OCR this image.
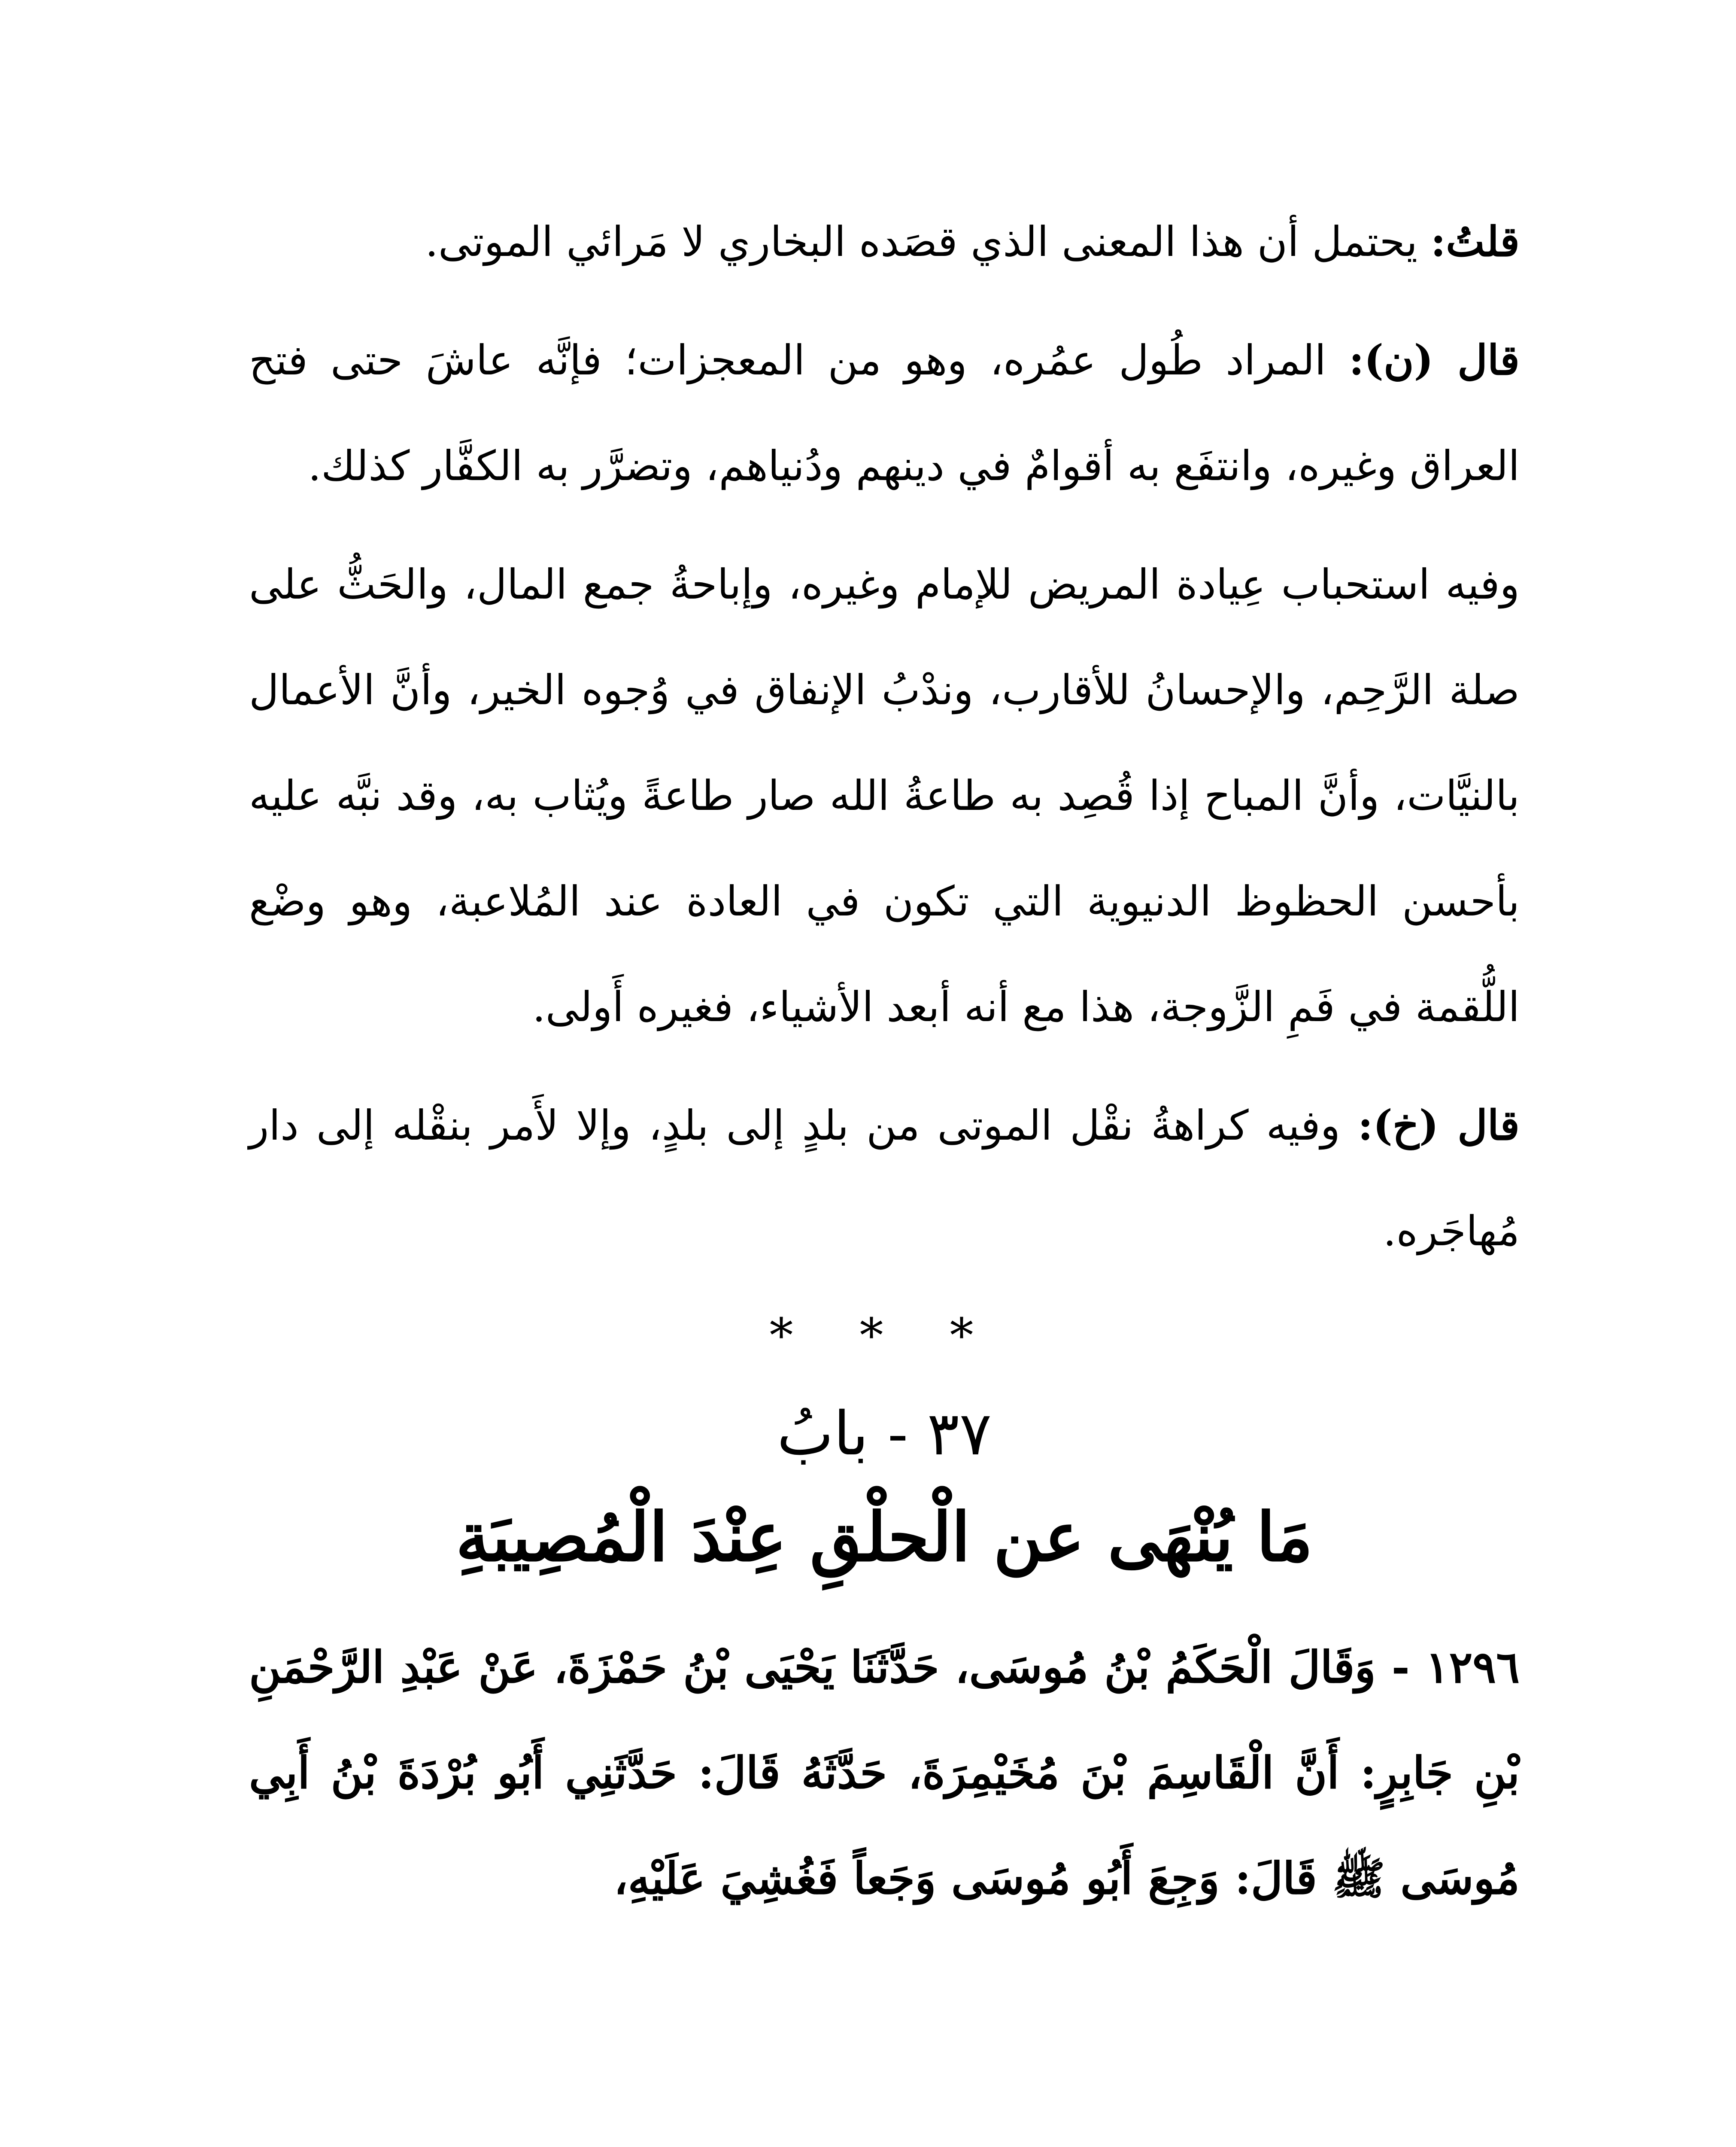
قلتُ: يحتمل أن هذا المعنى الذي قصَده البخاري لا مَرائي الموتى.

قال (ن): المراد طُول عمُره، وهو من المعجزات؛ فإنَّه عاشَ حتى فتح العراق وغيره، وانتفَع به أقوامٌ في دينهم ودُنياهم، وتضرَّر به الكفَّار كذلك.

وفيه استحباب عِيادة المريض للإمام وغيره، وإباحةُ جمع المال، والحَثُّ على صلة الرَّحِم، والإحسانُ للأقارب، وندْبُ الإنفاق في وُجوه الخير، وأنَّ الأعمال بالنيَّات، وأنَّ المباح إذا قُصِد به طاعةُ الله صار طاعةً ويُثاب به، وقد نبَّه عليه بأحسن الحظوظ الدنيوية التي تكون في العادة عند المُلاعبة، وهو وضْع اللُّقمة في فَمِ الزَّوجة، هذا مع أنه أبعد الأشياء، فغيره أَولى.

قال (خ): وفيه كراهةُ نقْل الموتى من بلدٍ إلى بلدٍ، وإلا لأَمر بنقْله إلى دار مُهاجَره.

* * *
٣٧ - بابُ
مَا يُنْهَى عن الْحلْقِ عِنْدَ الْمُصِيبَةِ

١٢٩٦ - وَقَالَ الْحَكَمُ بْنُ مُوسَى، حَدَّثَنَا يَحْيَى بْنُ حَمْزَةَ، عَنْ عَبْدِ الرَّحْمَنِ بْنِ جَابِرٍ: أَنَّ الْقَاسِمَ بْنَ مُخَيْمِرَةَ، حَدَّثَهُ قَالَ: حَدَّثَنِي أَبُو بُرْدَةَ بْنُ أَبِي مُوسَى ﷺ قَالَ: وَجِعَ أَبُو مُوسَى وَجَعاً فَغُشِيَ عَلَيْهِ،
